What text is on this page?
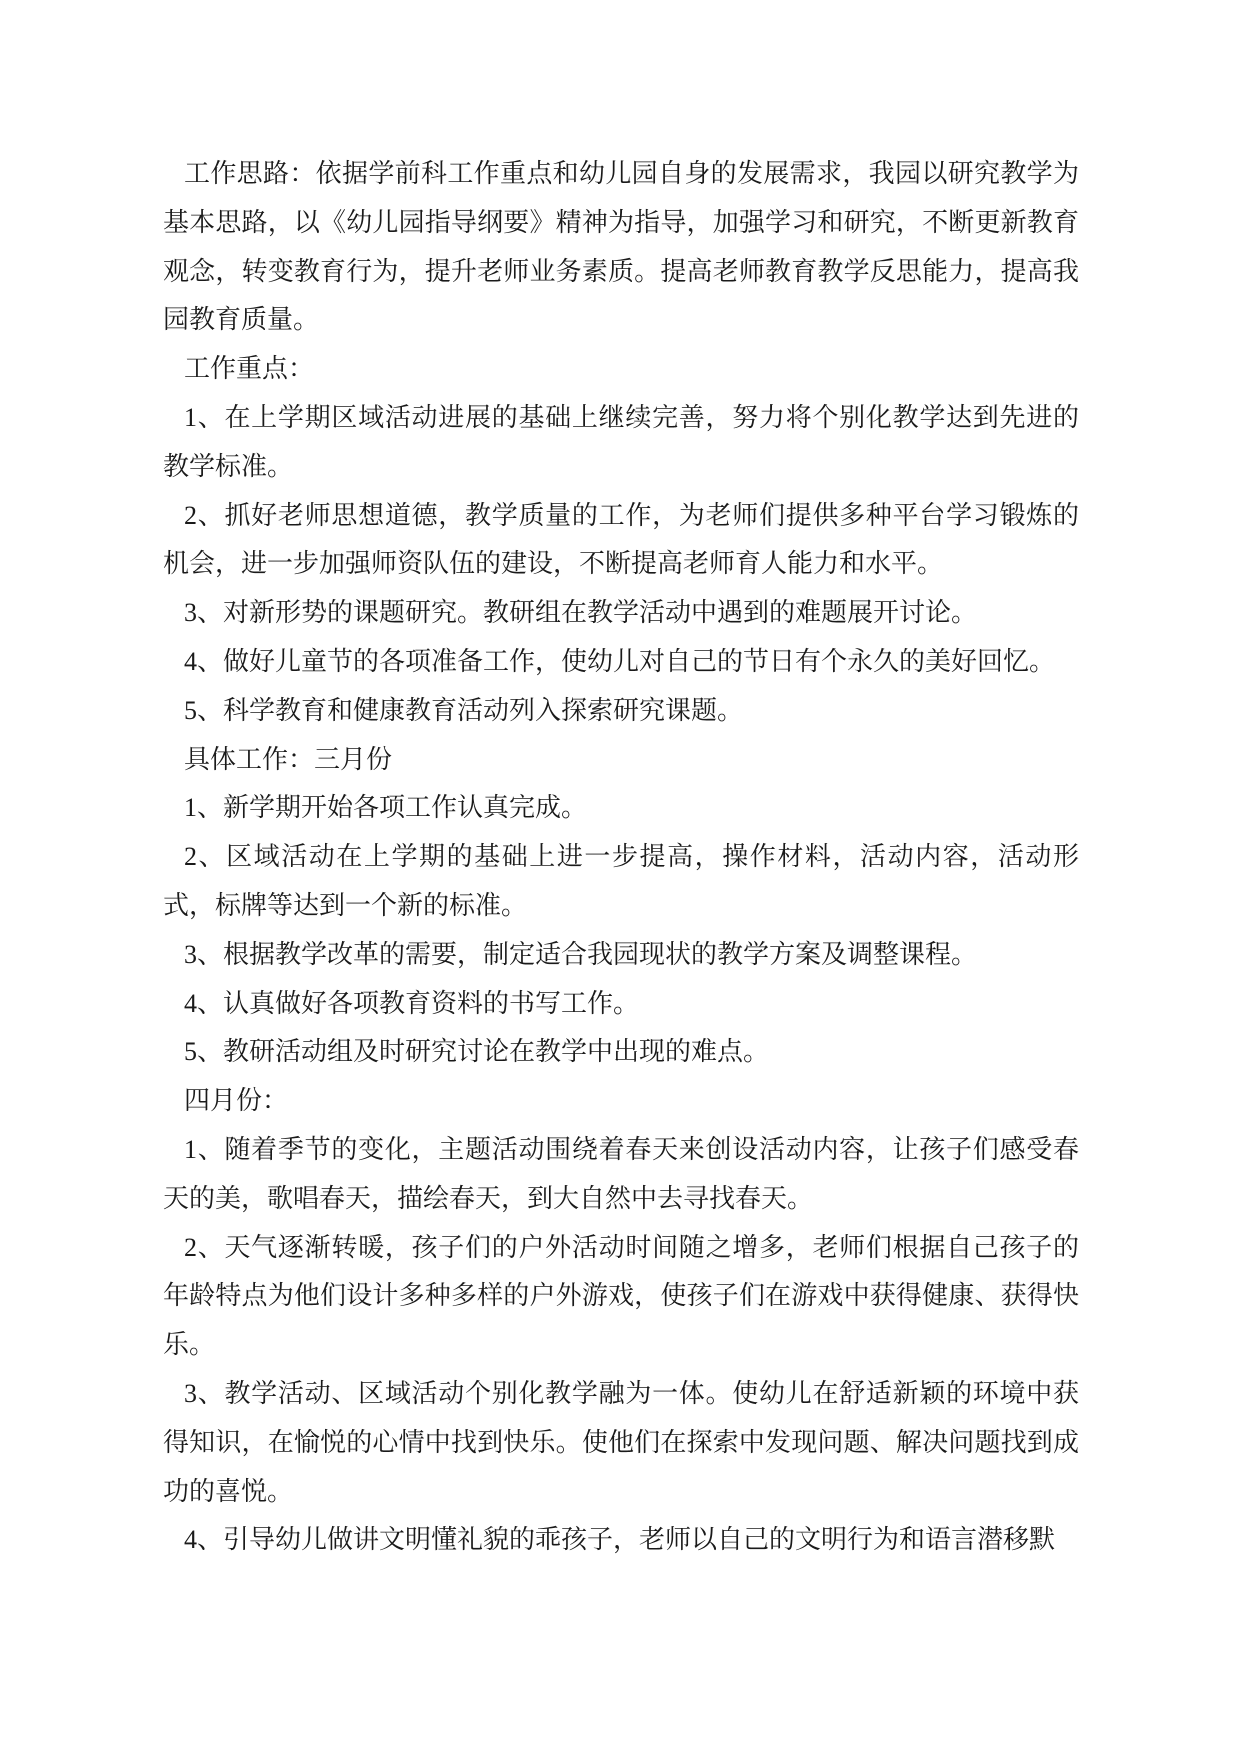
工作思路：依据学前科工作重点和幼儿园自身的发展需求，我园以研究教学为基本思路，以《幼儿园指导纲要》精神为指导，加强学习和研究，不断更新教育观念，转变教育行为，提升老师业务素质。提高老师教育教学反思能力，提高我园教育质量。

工作重点：

1、在上学期区域活动进展的基础上继续完善，努力将个别化教学达到先进的教学标准。

2、抓好老师思想道德，教学质量的工作，为老师们提供多种平台学习锻炼的机会，进一步加强师资队伍的建设，不断提高老师育人能力和水平。

3、对新形势的课题研究。教研组在教学活动中遇到的难题展开讨论。

4、做好儿童节的各项准备工作，使幼儿对自己的节日有个永久的美好回忆。

5、科学教育和健康教育活动列入探索研究课题。

具体工作：三月份

1、新学期开始各项工作认真完成。

2、区域活动在上学期的基础上进一步提高，操作材料，活动内容，活动形式，标牌等达到一个新的标准。

3、根据教学改革的需要，制定适合我园现状的教学方案及调整课程。

4、认真做好各项教育资料的书写工作。

5、教研活动组及时研究讨论在教学中出现的难点。

四月份：

1、随着季节的变化，主题活动围绕着春天来创设活动内容，让孩子们感受春天的美，歌唱春天，描绘春天，到大自然中去寻找春天。

2、天气逐渐转暖，孩子们的户外活动时间随之增多，老师们根据自己孩子的年龄特点为他们设计多种多样的户外游戏，使孩子们在游戏中获得健康、获得快乐。

3、教学活动、区域活动个别化教学融为一体。使幼儿在舒适新颖的环境中获得知识，在愉悦的心情中找到快乐。使他们在探索中发现问题、解决问题找到成功的喜悦。

4、引导幼儿做讲文明懂礼貌的乖孩子，老师以自己的文明行为和语言潜移默
